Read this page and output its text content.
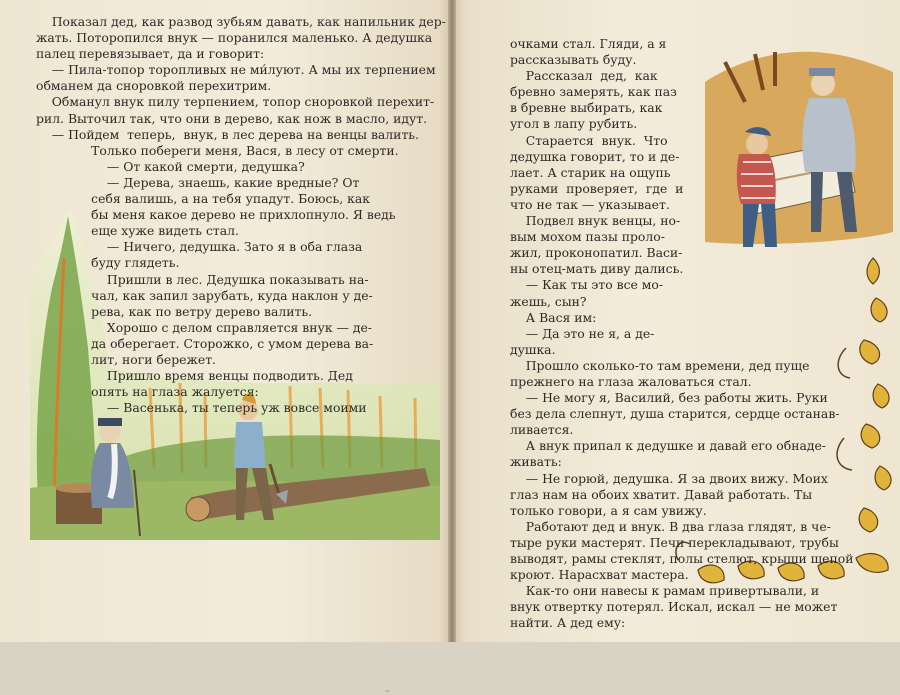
~
Показал дед, как развод зубьям давать, как напильник дер-
жать. Поторопился внук — поранился маленько. А дедушка
палец перевязывает, да и говорит:
— Пила-топор торопливых не ми́луют. А мы их терпением
обманем да сноровкой перехитрим.
Обманул внук пилу терпением, топор сноровкой перехит-
рил. Выточил так, что они в дерево, как нож в масло, идут.
— Пойдем  теперь,  внук, в лес дерева на венцы валить.
Только побереги меня, Вася, в лесу от смерти.
— От какой смерти, дедушка?
— Дерева, знаешь, какие вредные? От
себя валишь, а на тебя упадут. Боюсь, как
бы меня какое дерево не прихлопнуло. Я ведь
еще хуже видеть стал.
— Ничего, дедушка. Зато я в оба глаза
буду глядеть.
Пришли в лес. Дедушка показывать на-
чал, как запил зарубать, куда наклон у де-
рева, как по ветру дерево валить.
Хорошо с делом справляется внук — де-
да оберегает. Сторожко, с умом дерева ва-
лит, ноги бережет.
Пришло время венцы подводить. Дед
опять на глаза жалуется:
— Васенька, ты теперь уж вовсе моими
очками стал. Гляди, а я
рассказывать буду.
Рассказал  дед,  как
бревно замерять, как паз
в бревне выбирать, как
угол в лапу рубить.
Старается  внук.  Что
дедушка говорит, то и де-
лает. А старик на ощупь
руками  проверяет,  где  и
что не так — указывает.
Подвел внук венцы, но-
вым мохом пазы проло-
жил, проконопатил. Васи-
ны отец-мать диву дались.
— Как ты это все мо-
жешь, сын?
А Вася им:
— Да это не я, а де-
душка.
Прошло сколько-то там времени, дед пуще
прежнего на глаза жаловаться стал.
— Не могу я, Василий, без работы жить. Руки
без дела слепнут, душа старится, сердце останав-
ливается.
А внук припал к дедушке и давай его обнаде-
живать:
— Не горюй, дедушка. Я за двоих вижу. Моих
глаз нам на обоих хватит. Давай работать. Ты
только говори, а я сам увижу.
Работают дед и внук. В два глаза глядят, в че-
тыре руки мастерят. Печи перекладывают, трубы
выводят, рамы стеклят, полы стелют, крыши щепой
кроют. Нарасхват мастера.
Как-то они навесы к рамам привертывали, и
внук отвертку потерял. Искал, искал — не может
найти. А дед ему:
